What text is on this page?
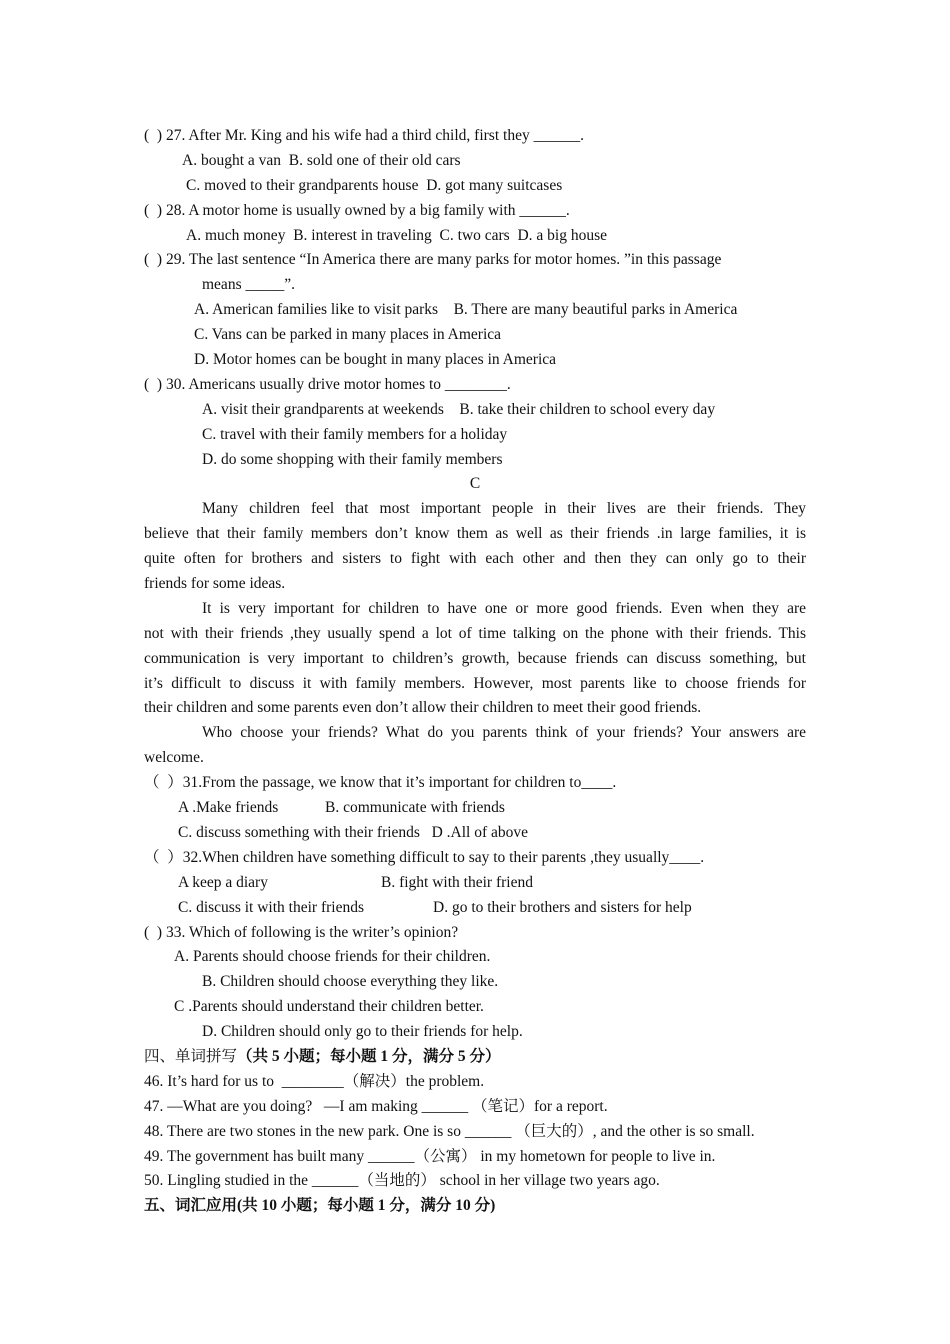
(  ) 27. After Mr. King and his wife had a third child, first they ______.
A. bought a van  B. sold one of their old cars
C. moved to their grandparents house  D. got many suitcases
(  ) 28. A motor home is usually owned by a big family with ______.
A. much money  B. interest in traveling  C. two cars  D. a big house
(  ) 29. The last sentence “In America there are many parks for motor homes. ”in this passage
means _____”.
A. American families like to visit parks    B. There are many beautiful parks in America
C. Vans can be parked in many places in America
D. Motor homes can be bought in many places in America
(  ) 30. Americans usually drive motor homes to ________.
A. visit their grandparents at weekends    B. take their children to school every day
C. travel with their family members for a holiday
D. do some shopping with their family members
C
Many children feel that most important people in their lives are their friends. They
believe that their family members don’t know them as well as their friends .in large families, it is
quite often for brothers and sisters to fight with each other and then they can only go to their
friends for some ideas.
It is very important for children to have one or more good friends. Even when they are
not with their friends ,they usually spend a lot of time talking on the phone with their friends. This
communication is very important to children’s growth, because friends can discuss something, but
it’s difficult to discuss it with family members. However, most parents like to choose friends for
their children and some parents even don’t allow their children to meet their good friends.
Who choose your friends? What do you parents think of your friends? Your answers are
welcome.
（  ）31.From the passage, we know that it’s important for children to____.
A .Make friends	B. communicate with friends
C. discuss something with their friends   D .All of above
（  ）32.When children have something difficult to say to their parents ,they usually____.
A keep a diary	B. fight with their friend
C. discuss it with their friends	D. go to their brothers and sisters for help
(  ) 33. Which of following is the writer’s opinion?
A. Parents should choose friends for their children.
B. Children should choose everything they like.
C .Parents should understand their children better.
D. Children should only go to their friends for help.
四、单词拼写（共 5 小题；每小题 1 分，满分 5 分）
46. It’s hard for us to  ________（解决）the problem.
47. —What are you doing?   —I am making ______ （笔记）for a report.
48. There are two stones in the new park. One is so ______ （巨大的）, and the other is so small.
49. The government has built many ______（公寓） in my hometown for people to live in.
50. Lingling studied in the ______（当地的） school in her village two years ago.
五、词汇应用(共 10 小题；每小题 1 分，满分 10 分)
